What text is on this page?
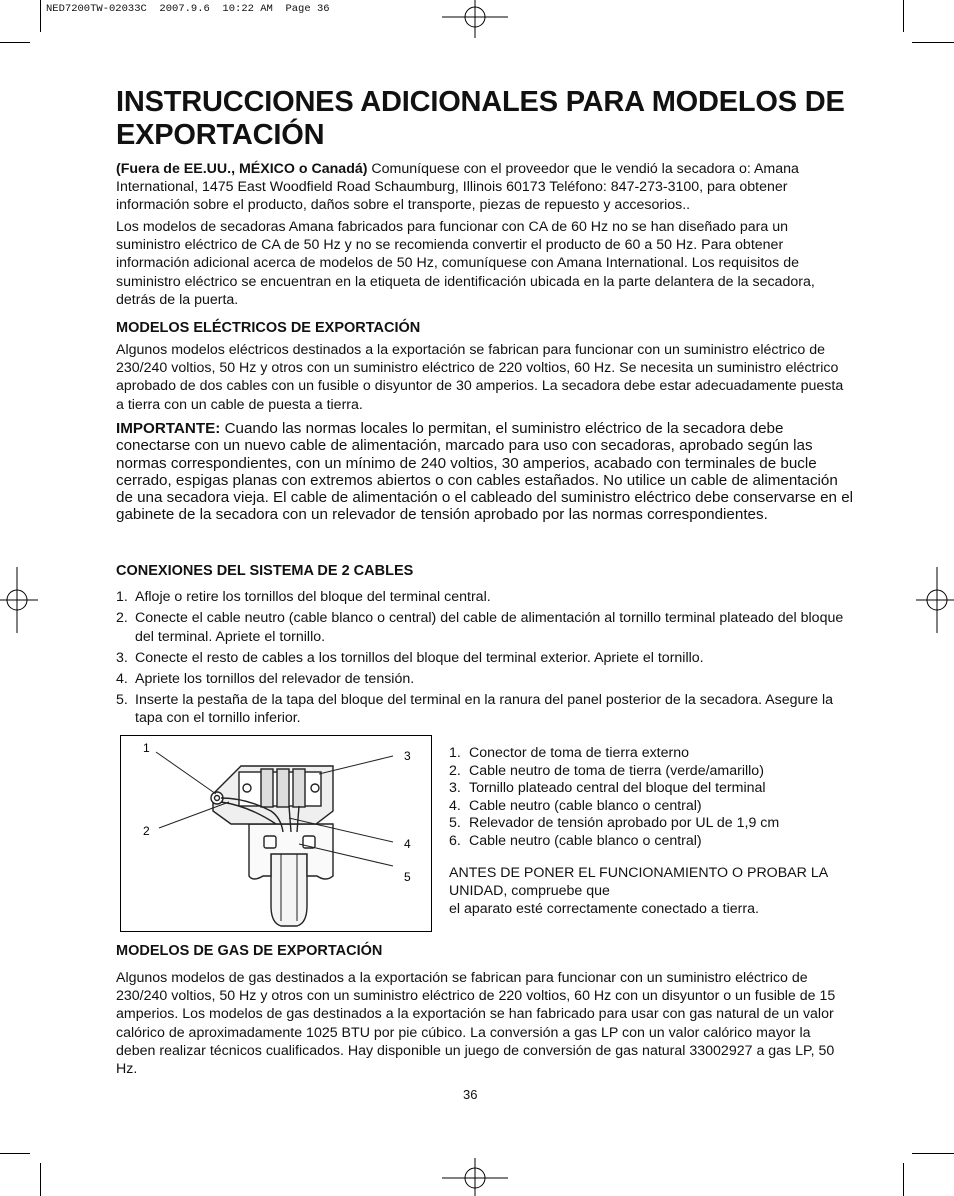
NED7200TW-02033C  2007.9.6  10:22 AM  Page 36
INSTRUCCIONES ADICIONALES PARA MODELOS DE EXPORTACIÓN

(Fuera de EE.UU., MÉXICO o Canadá) Comuníquese con el proveedor que le vendió la secadora o: Amana International, 1475 East Woodfield Road Schaumburg, Illinois 60173 Teléfono: 847-273-3100, para obtener información sobre el producto, daños sobre el transporte, piezas de repuesto y accesorios..

Los modelos de secadoras Amana fabricados para funcionar con CA de 60 Hz no se han diseñado para un suministro eléctrico de CA de 50 Hz y no se recomienda convertir el producto de 60 a 50 Hz. Para obtener información adicional acerca de modelos de 50 Hz, comuníquese con Amana International. Los requisitos de suministro eléctrico se encuentran en la etiqueta de identificación ubicada en la parte delantera de la secadora, detrás de la puerta.

MODELOS ELÉCTRICOS DE EXPORTACIÓN

Algunos modelos eléctricos destinados a la exportación se fabrican para funcionar con un suministro eléctrico de 230/240 voltios, 50 Hz y otros con un suministro eléctrico de 220 voltios, 60 Hz. Se necesita un suministro eléctrico aprobado de dos cables con un fusible o disyuntor de 30 amperios. La secadora debe estar adecuadamente puesta a tierra con un cable de puesta a tierra.

IMPORTANTE: Cuando las normas locales lo permitan, el suministro eléctrico de la secadora debe conectarse con un nuevo cable de alimentación, marcado para uso con secadoras, aprobado según las normas correspondientes, con un mínimo de 240 voltios, 30 amperios, acabado con terminales de bucle cerrado, espigas planas con extremos abiertos o con cables estañados. No utilice un cable de alimentación de una secadora vieja. El cable de alimentación o el cableado del suministro eléctrico debe conservarse en el gabinete de la secadora con un relevador de tensión aprobado por las normas correspondientes.

CONEXIONES DEL SISTEMA DE 2 CABLES

1. Afloje o retire los tornillos del bloque del terminal central.
2. Conecte el cable neutro (cable blanco o central) del cable de alimentación al tornillo terminal plateado del bloque del terminal. Apriete el tornillo.
3. Conecte el resto de cables a los tornillos del bloque del terminal exterior. Apriete el tornillo.
4. Apriete los tornillos del relevador de tensión.
5. Inserte la pestaña de la tapa del bloque del terminal en la ranura del panel posterior de la secadora. Asegure la tapa con el tornillo inferior.
1
2
3
4
5
1. Conector de toma de tierra externo
2. Cable neutro de toma de tierra (verde/amarillo)
3. Tornillo plateado central del bloque del terminal
4. Cable neutro (cable blanco o central)
5. Relevador de tensión aprobado por UL de 1,9 cm
6. Cable neutro (cable blanco o central)
ANTES DE PONER EL FUNCIONAMIENTO O PROBAR LA UNIDAD, compruebe que
el aparato esté correctamente conectado a tierra.

MODELOS DE GAS DE EXPORTACIÓN

Algunos modelos de gas destinados a la exportación se fabrican para funcionar con un suministro eléctrico de 230/240 voltios, 50 Hz y otros con un suministro eléctrico de 220 voltios, 60 Hz con un disyuntor o un fusible de 15 amperios. Los modelos de gas destinados a la exportación se han fabricado para usar con gas natural de un valor calórico de aproximadamente 1025 BTU por pie cúbico. La conversión a gas LP con un valor calórico mayor la deben realizar técnicos cualificados. Hay disponible un juego de conversión de gas natural 33002927 a gas LP, 50 Hz.

36
